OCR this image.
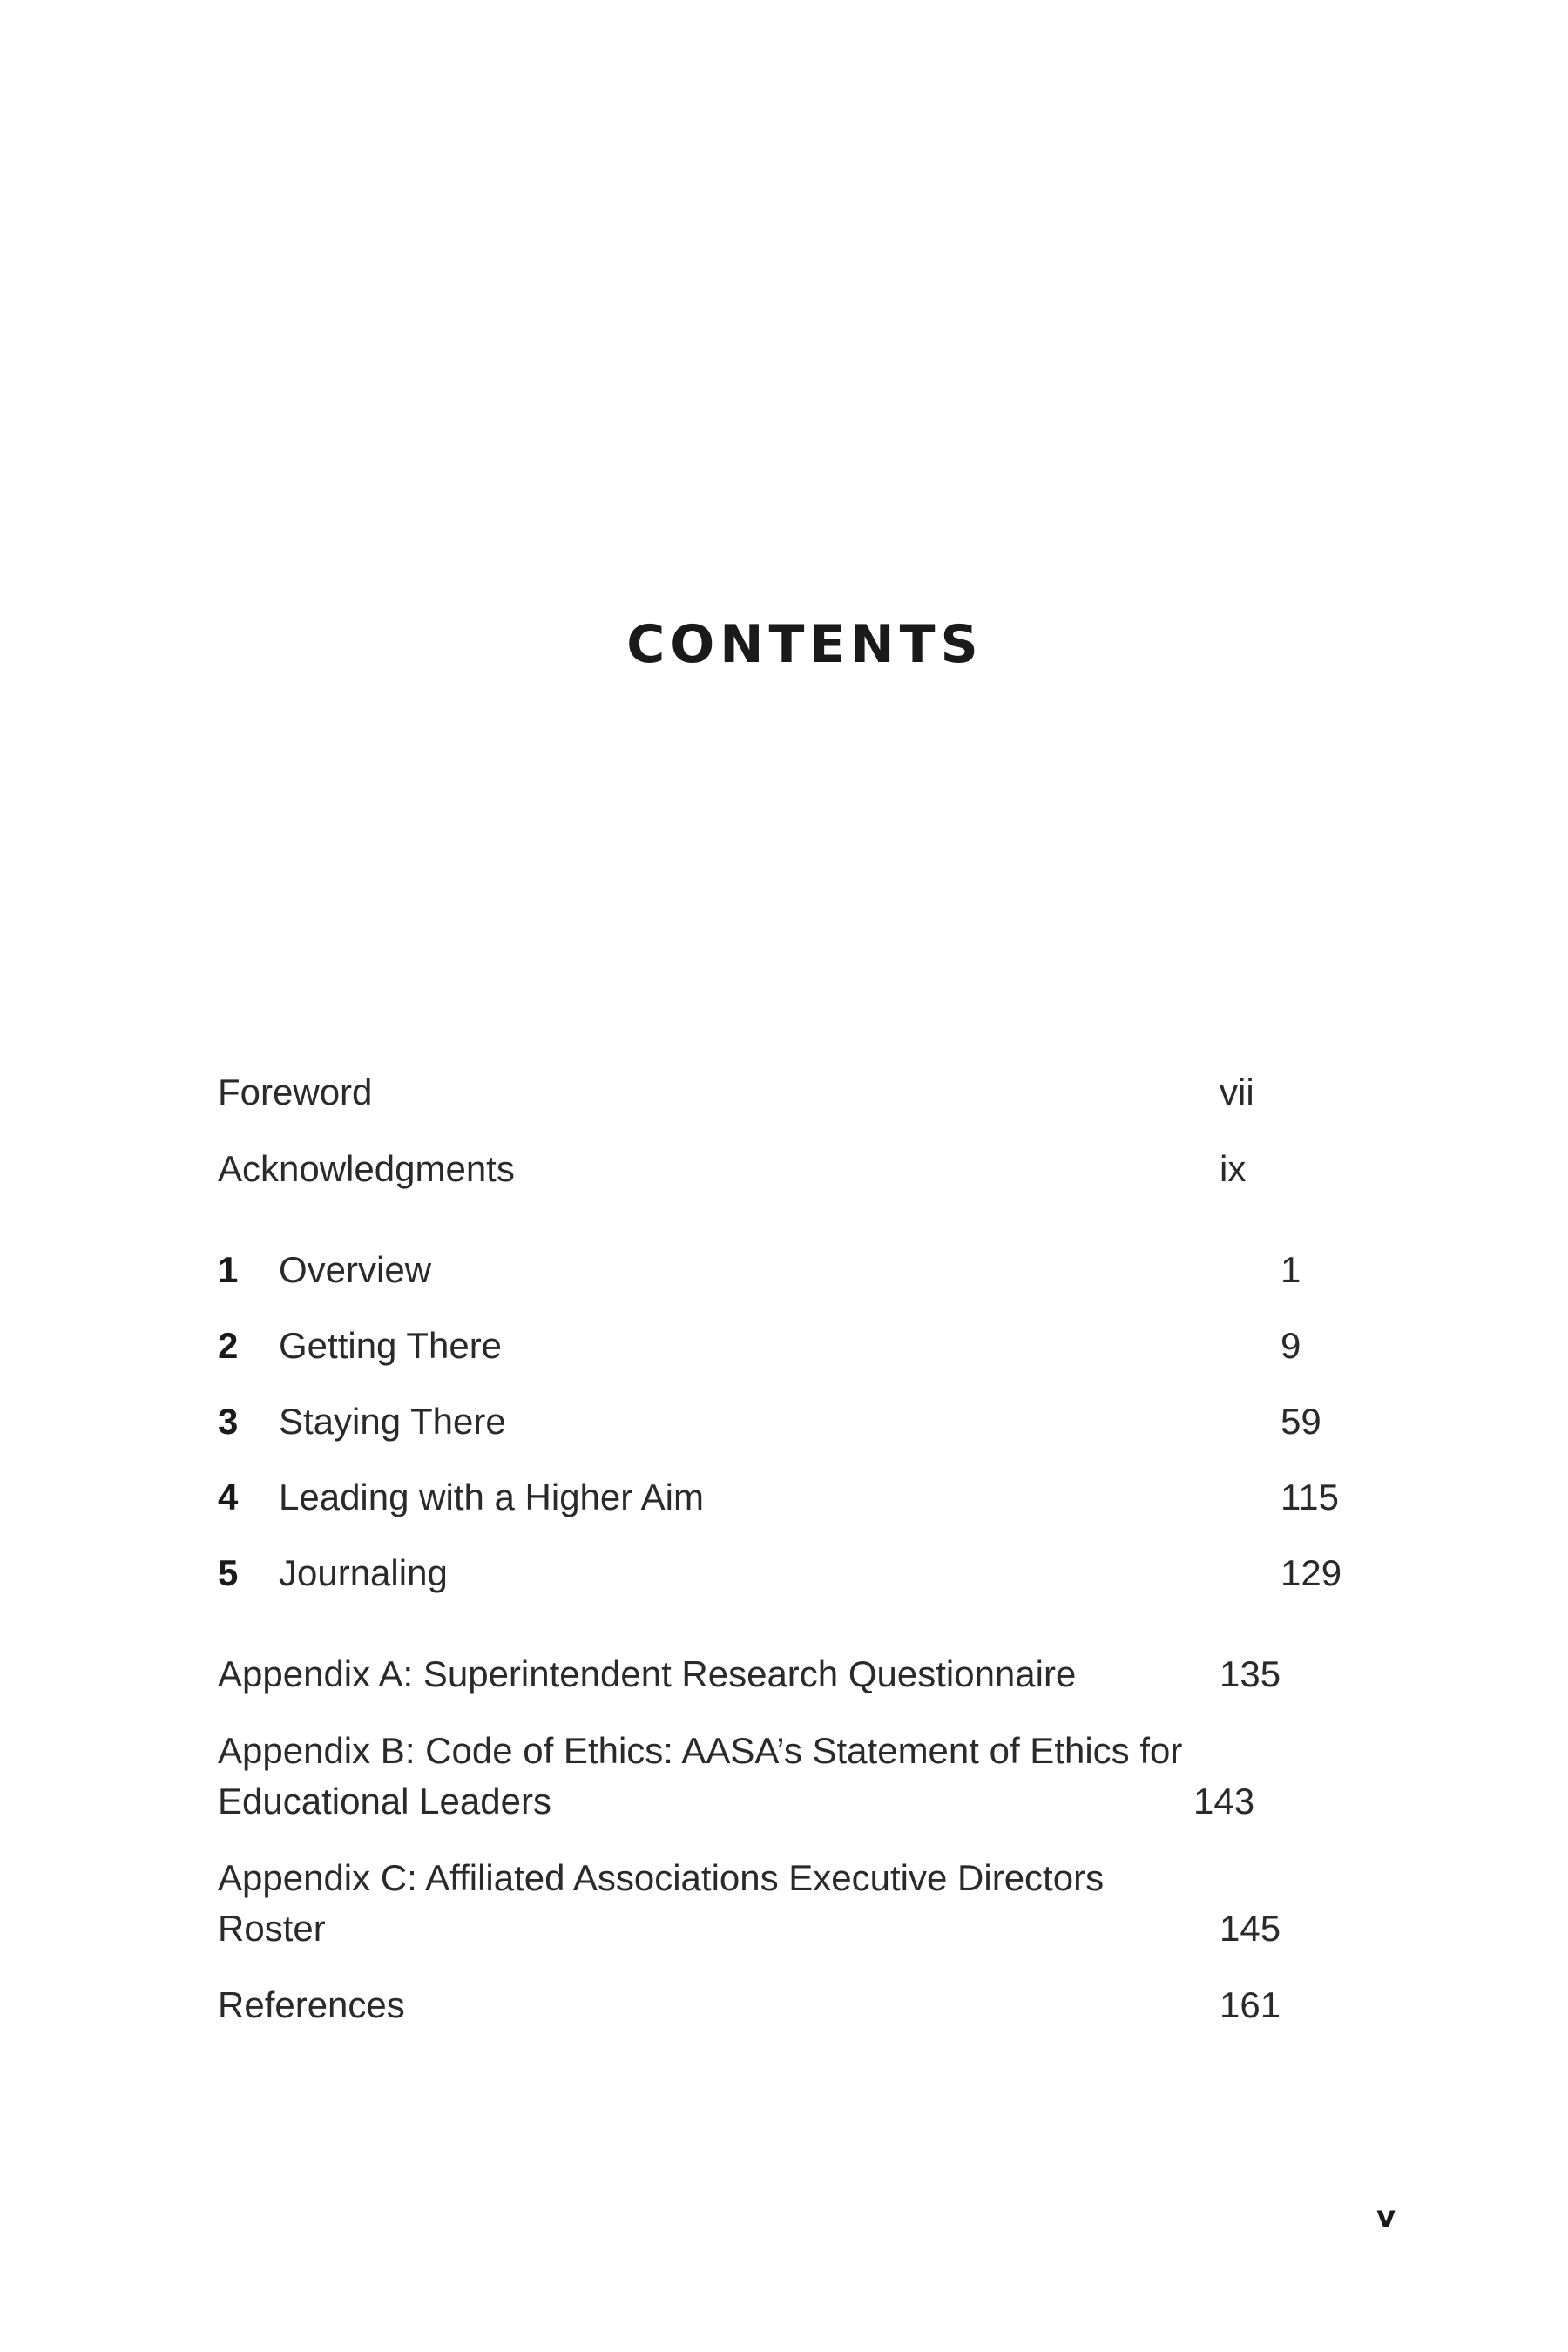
CONTENTS
Foreword	vii
Acknowledgments	ix
1	Overview	1
2	Getting There	9
3	Staying There	59
4	Leading with a Higher Aim	115
5	Journaling	129
Appendix A: Superintendent Research Questionnaire	135
Appendix B: Code of Ethics: AASA’s Statement of Ethics for Educational Leaders	143
Appendix C: Affiliated Associations Executive Directors Roster	145
References	161
v
